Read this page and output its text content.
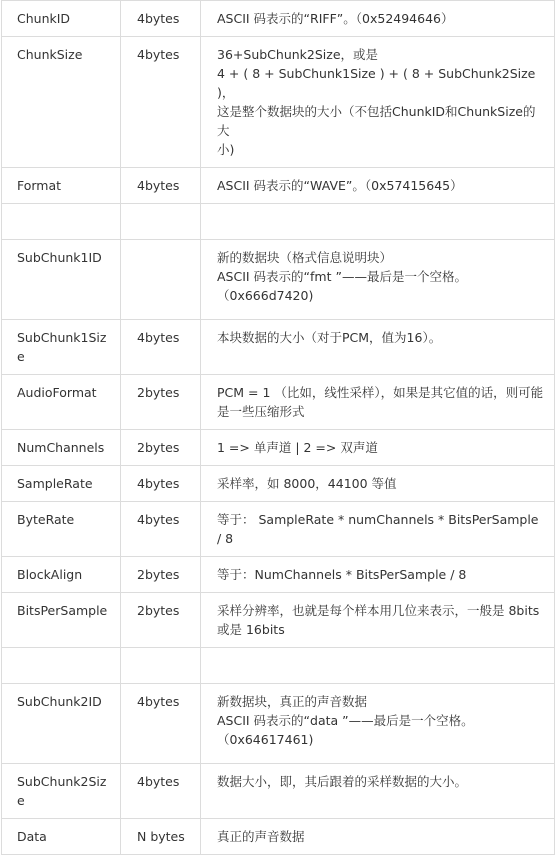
ChunkID	4bytes	ASCII 码表示的“RIFF”。（0x52494646）

ChunkSize	4bytes	36+SubChunk2Size，或是
4 + ( 8 + SubChunk1Size ) + ( 8 + SubChunk2Size )，
这是整个数据块的大小（不包括ChunkID和ChunkSize的大
小)

Format	4bytes	ASCII 码表示的“WAVE”。（0x57415645）

SubChunk1ID		新的数据块（格式信息说明块）
ASCII 码表示的“fmt ”——最后是一个空格。
（0x666d7420)

SubChunk1Size	4bytes	本块数据的大小（对于PCM，值为16）。

AudioFormat	2bytes	PCM = 1 （比如，线性采样），如果是其它值的话，则可能
是一些压缩形式

NumChannels	2bytes	1 => 单声道 | 2 => 双声道

SampleRate	4bytes	采样率，如 8000，44100 等值

ByteRate	4bytes	等于： SampleRate * numChannels * BitsPerSample / 8

BlockAlign	2bytes	等于：NumChannels * BitsPerSample / 8

BitsPerSample	2bytes	采样分辨率，也就是每个样本用几位来表示，一般是 8bits
或是 16bits

SubChunk2ID	4bytes	新数据块，真正的声音数据
ASCII 码表示的“data ”——最后是一个空格。
（0x64617461)

SubChunk2Size	4bytes	数据大小，即，其后跟着的采样数据的大小。

Data	N bytes	真正的声音数据
